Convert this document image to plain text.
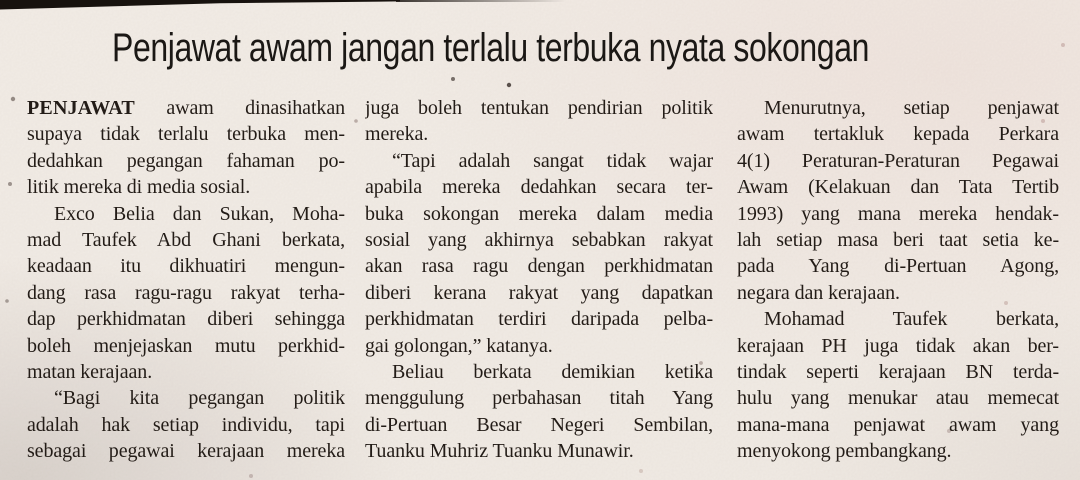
Penjawat awam jangan terlalu terbuka nyata sokongan
PENJAWAT awam dinasihatkan
supaya tidak terlalu terbuka men-
dedahkan pegangan fahaman po-
litik mereka di media sosial.
Exco Belia dan Sukan, Moha-
mad Taufek Abd Ghani berkata,
keadaan itu dikhuatiri mengun-
dang rasa ragu-ragu rakyat terha-
dap perkhidmatan diberi sehingga
boleh menjejaskan mutu perkhid-
matan kerajaan.
“Bagi kita pegangan politik
adalah hak setiap individu, tapi
sebagai pegawai kerajaan mereka
juga boleh tentukan pendirian politik
mereka.
“Tapi adalah sangat tidak wajar
apabila mereka dedahkan secara ter-
buka sokongan mereka dalam media
sosial yang akhirnya sebabkan rakyat
akan rasa ragu dengan perkhidmatan
diberi kerana rakyat yang dapatkan
perkhidmatan terdiri daripada pelba-
gai golongan,” katanya.
Beliau berkata demikian ketika
menggulung perbahasan titah Yang
di-Pertuan Besar Negeri Sembilan,
Tuanku Muhriz Tuanku Munawir.
Menurutnya, setiap penjawat
awam tertakluk kepada Perkara
4(1) Peraturan-Peraturan Pegawai
Awam (Kelakuan dan Tata Tertib
1993) yang mana mereka hendak-
lah setiap masa beri taat setia ke-
pada Yang di-Pertuan Agong,
negara dan kerajaan.
Mohamad Taufek berkata,
kerajaan PH juga tidak akan ber-
tindak seperti kerajaan BN terda-
hulu yang menukar atau memecat
mana-mana penjawat awam yang
menyokong pembangkang.
